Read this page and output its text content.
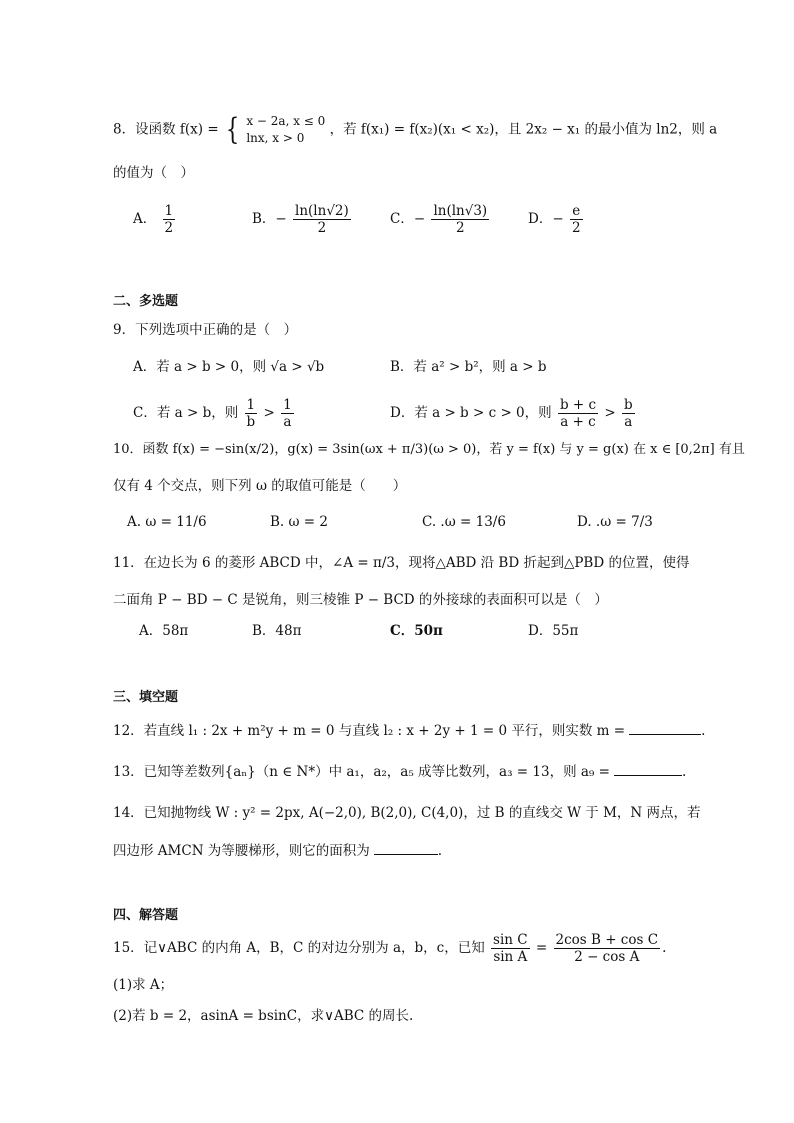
8．设函数 f(x) = { x − 2a, x ≤ 0
lnx, x > 0
，若 f(x₁) = f(x₂)(x₁ < x₂)，且 2x₂ − x₁ 的最小值为 ln2，则 a
的值为（　）
A． $\frac{1}{2}$	B．− $\frac{\ln(\ln√2)}{2}$	C．− $\frac{\ln(\ln√3)}{2}$	D．− $\frac{e}{2}$
二、多选题
9．下列选项中正确的是（　）
A．若 a > b > 0，则 √a > √b	B．若 a² > b²，则 a > b
C．若 a > b，则 $\frac{1}{b} > \frac{1}{a}$	D．若 a > b > c > 0，则 $\frac{b + c}{a + c} > \frac{b}{a}$
10．函数 f(x) = −sin(x/2)，g(x) = 3sin(ωx + π/3)(ω > 0)，若 y = f(x) 与 y = g(x) 在 x ∈ [0,2π] 有且
仅有 4 个交点，则下列 ω 的取值可能是（　　）
A. ω = 11/6	B. ω = 2	C. .ω = 13/6	D. .ω = 7/3
11．在边长为 6 的菱形 ABCD 中，∠A = π/3，现将△ABD 沿 BD 折起到△PBD 的位置，使得
二面角 P − BD − C 是锐角，则三棱锥 P − BCD 的外接球的表面积可以是（　）
A．58π	B．48π	C．50π	D．55π
三、填空题
12．若直线 l₁ : 2x + m²y + m = 0 与直线 l₂ : x + 2y + 1 = 0 平行，则实数 m =	.
13．已知等差数列{aₙ}（n ∈ N*）中 a₁，a₂，a₅ 成等比数列，a₃ = 13，则 a₉ =	.
14．已知抛物线 W : y² = 2px, A(−2,0), B(2,0), C(4,0)，过 B 的直线交 W 于 M，N 两点，若
四边形 AMCN 为等腰梯形，则它的面积为	.
四、解答题
15．记∨ABC 的内角 A，B，C 的对边分别为 a，b，c，已知 $\frac{\text{sin C}}{\text{sin A}} = \frac{\text{2cos B + cos C}}{\text{2 − cos A}}$ .
(1)求 A；
(2)若 b = 2，asinA = bsinC，求∨ABC 的周长.
